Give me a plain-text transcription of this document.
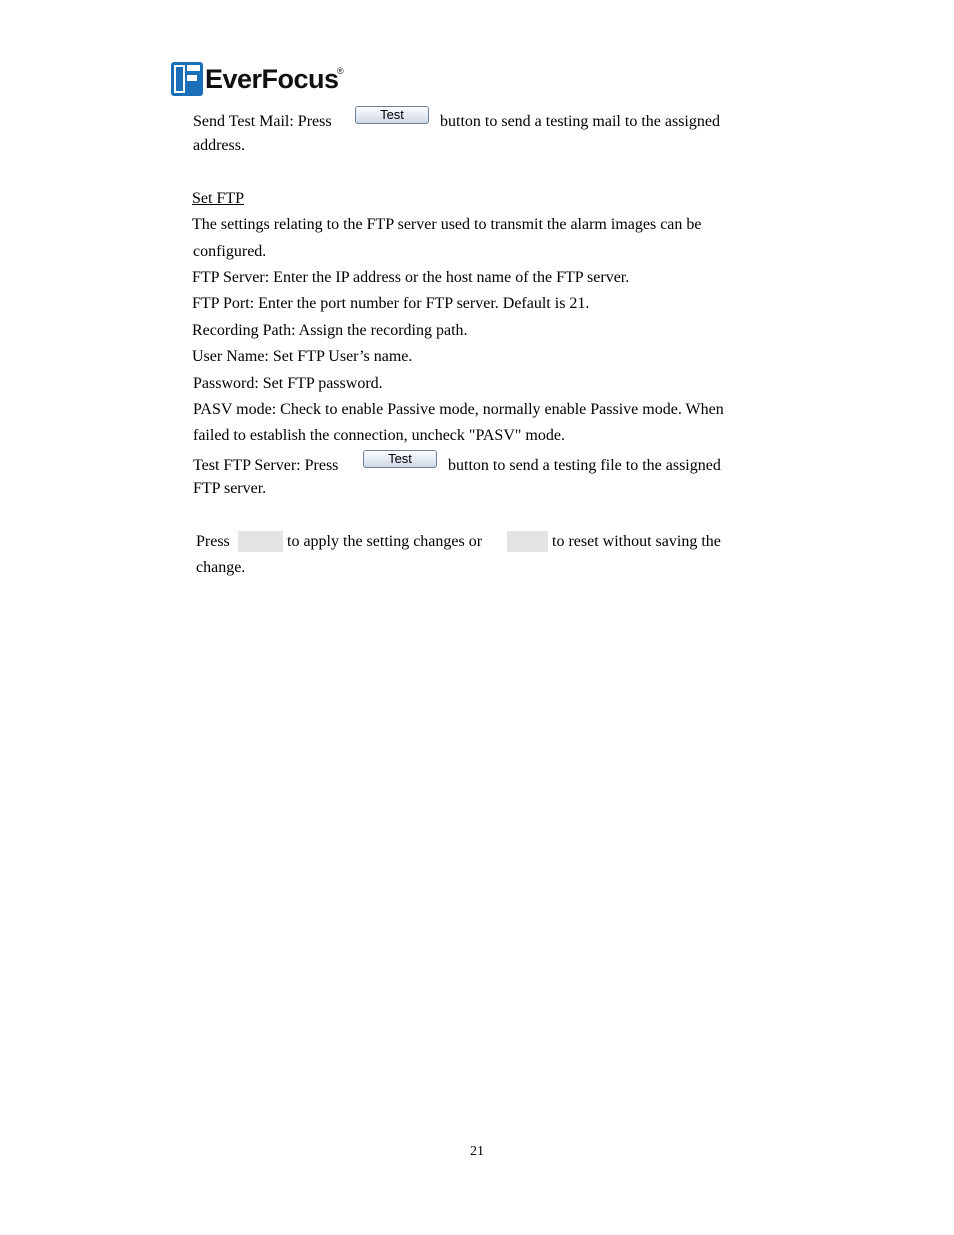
EverFocus
®
Send Test Mail: Press	Test	button to send a testing mail to the assigned
address.
Set FTP
The settings relating to the FTP server used to transmit the alarm images can be
configured.
FTP Server: Enter the IP address or the host name of the FTP server.
FTP Port: Enter the port number for FTP server. Default is 21.
Recording Path: Assign the recording path.
User Name: Set FTP User’s name.
Password: Set FTP password.
PASV mode: Check to enable Passive mode, normally enable Passive mode. When
failed to establish the connection, uncheck "PASV" mode.
Test FTP Server: Press	Test	button to send a testing file to the assigned
FTP server.
Press	to apply the setting changes or	to reset without saving the
change.
21
